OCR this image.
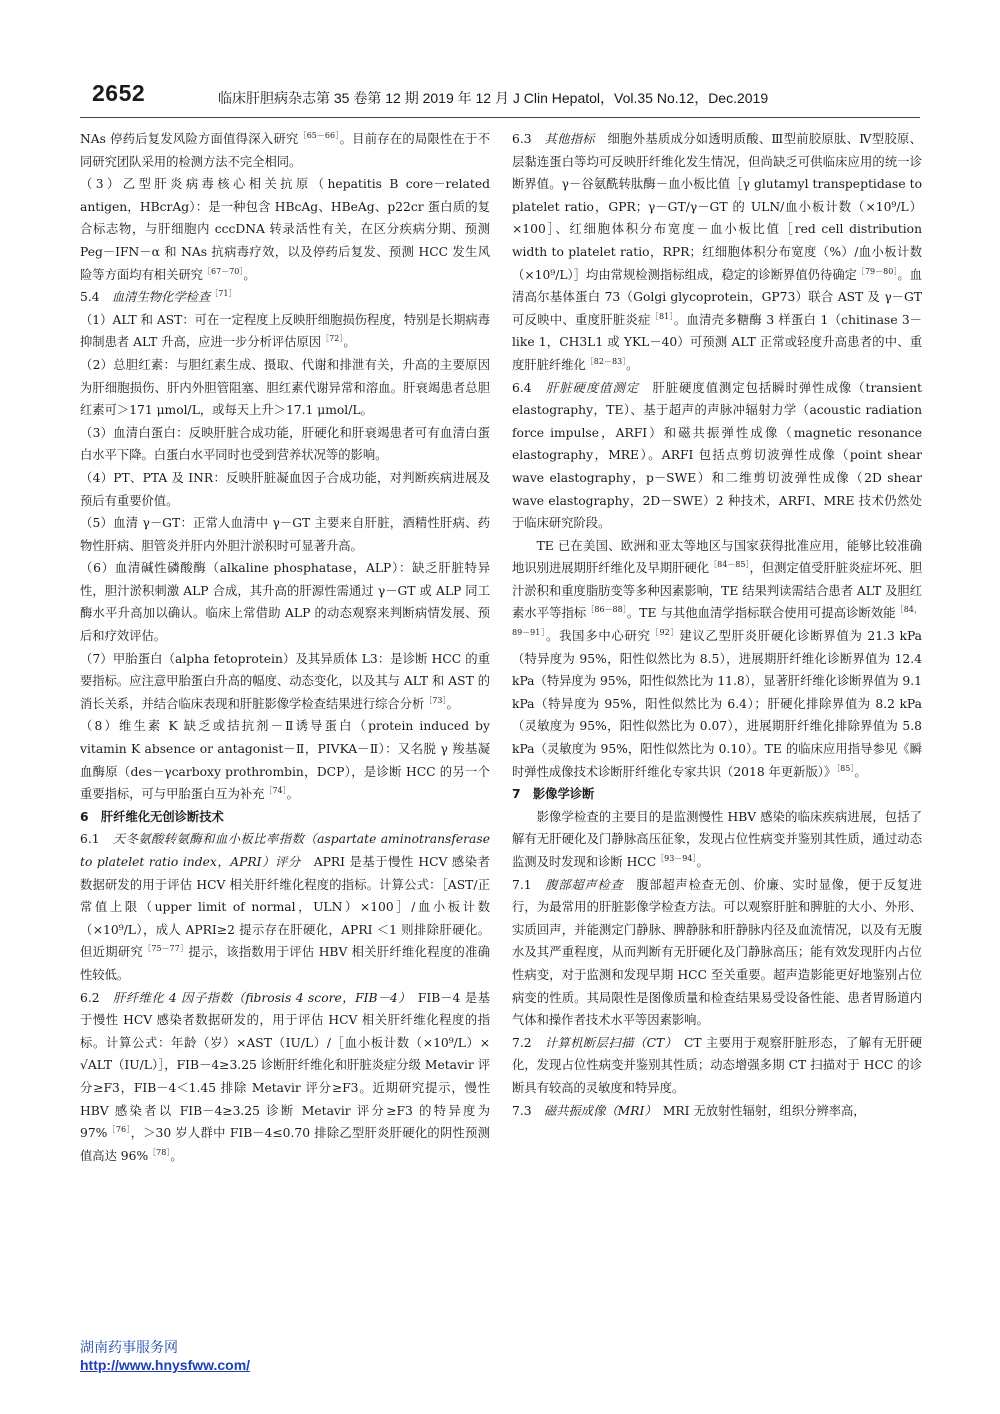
2652	临床肝胆病杂志第 35 卷第 12 期 2019 年 12 月 J Clin Hepatol，Vol.35 No.12，Dec.2019

NAs 停药后复发风险方面值得深入研究$^{[65-66]}$。目前存在的局限性在于不同研究团队采用的检测方法不完全相同。

（3）乙型肝炎病毒核心相关抗原（hepatitis B core－related antigen，HBcrAg）：是一种包含 HBcAg、HBeAg、p22cr 蛋白质的复合标志物，与肝细胞内 cccDNA 转录活性有关，在区分疾病分期、预测 Peg－IFN－α 和 NAs 抗病毒疗效，以及停药后复发、预测 HCC 发生风险等方面均有相关研究$^{[67-70]}$。

5.4　 血清生物化学检查$^{[71]}$

（1）ALT 和 AST：可在一定程度上反映肝细胞损伤程度，特别是长期病毒抑制患者 ALT 升高，应进一步分析评估原因$^{[72]}$。

（2）总胆红素：与胆红素生成、摄取、代谢和排泄有关，升高的主要原因为肝细胞损伤、肝内外胆管阻塞、胆红素代谢异常和溶血。肝衰竭患者总胆红素可＞171 μmol/L，或每天上升＞17.1 μmol/L。

（3）血清白蛋白：反映肝脏合成功能，肝硬化和肝衰竭患者可有血清白蛋白水平下降。白蛋白水平同时也受到营养状况等的影响。

（4）PT、PTA 及 INR：反映肝脏凝血因子合成功能，对判断疾病进展及预后有重要价值。

（5）血清 γ－GT：正常人血清中 γ－GT 主要来自肝脏，酒精性肝病、药物性肝病、胆管炎并肝内外胆汁淤积时可显著升高。

（6）血清碱性磷酸酶（alkaline phosphatase，ALP）：缺乏肝脏特异性，胆汁淤积刺激 ALP 合成，其升高的肝源性需通过 γ－GT 或 ALP 同工酶水平升高加以确认。临床上常借助 ALP 的动态观察来判断病情发展、预后和疗效评估。

（7）甲胎蛋白（alpha fetoprotein）及其异质体 L3：是诊断 HCC 的重要指标。应注意甲胎蛋白升高的幅度、动态变化，以及其与 ALT 和 AST 的消长关系，并结合临床表现和肝脏影像学检查结果进行综合分析$^{[73]}$。

（8）维生素 K 缺乏或拮抗剂－Ⅱ诱导蛋白（protein induced by vitamin K absence or antagonist－Ⅱ，PIVKA－Ⅱ）：又名脱 γ 羧基凝血酶原（des－γcarboxy prothrombin，DCP），是诊断 HCC 的另一个重要指标，可与甲胎蛋白互为补充$^{[74]}$。

6　肝纤维化无创诊断技术

6.1　 天冬氨酸转氨酶和血小板比率指数（aspartate aminotransferase to platelet ratio index，APRI）评分　 APRI 是基于慢性 HCV 感染者数据研发的用于评估 HCV 相关肝纤维化程度的指标。计算公式：［AST/正常值上限（upper limit of normal，ULN）×100］/血小板计数（×10⁹/L），成人 APRI≥2 提示存在肝硬化，APRI ＜1 则排除肝硬化。但近期研究$^{[75-77]}$提示，该指数用于评估 HBV 相关肝纤维化程度的准确性较低。

6.2　 肝纤维化 4 因子指数（fibrosis 4 score，FIB－4）　 FIB－4 是基于慢性 HCV 感染者数据研发的，用于评估 HCV 相关肝纤维化程度的指标。计算公式：年龄（岁）×AST（IU/L）/［血小板计数（×10⁹/L）× √ALT（IU/L）］，FIB－4≥3.25 诊断肝纤维化和肝脏炎症分级 Metavir 评分≥F3，FIB－4＜1.45 排除 Metavir 评分≥F3。近期研究提示，慢性 HBV 感染者以 FIB－4≥3.25 诊断 Metavir 评分≥F3 的特异度为 97%$^{[76]}$，＞30 岁人群中 FIB－4≤0.70 排除乙型肝炎肝硬化的阴性预测值高达 96%$^{[78]}$。

6.3　 其他指标　 细胞外基质成分如透明质酸、Ⅲ型前胶原肽、Ⅳ型胶原、层黏连蛋白等均可反映肝纤维化发生情况，但尚缺乏可供临床应用的统一诊断界值。γ－谷氨酰转肽酶－血小板比值［γ glutamyl transpeptidase to platelet ratio，GPR；γ－GT/γ－GT 的 ULN/血小板计数（×10⁹/L）×100］、红细胞体积分布宽度－血小板比值［red cell distribution width to platelet ratio，RPR；红细胞体积分布宽度（%）/血小板计数（×10⁹/L）］均由常规检测指标组成，稳定的诊断界值仍待确定$^{[79-80]}$。血清高尔基体蛋白 73（Golgi glycoprotein，GP73）联合 AST 及 γ－GT 可反映中、重度肝脏炎症$^{[81]}$。血清壳多糖酶 3 样蛋白 1（chitinase 3－like 1，CH3L1 或 YKL－40）可预测 ALT 正常或轻度升高患者的中、重度肝脏纤维化$^{[82-83]}$。

6.4　 肝脏硬度值测定　 肝脏硬度值测定包括瞬时弹性成像（transient elastography，TE）、基于超声的声脉冲辐射力学（acoustic radiation force impulse，ARFI）和磁共振弹性成像（magnetic resonance elastography，MRE）。ARFI 包括点剪切波弹性成像（point shear wave elastography，p－SWE）和二维剪切波弹性成像（2D shear wave elastography，2D－SWE）2 种技术，ARFI、MRE 技术仍然处于临床研究阶段。

TE 已在美国、欧洲和亚太等地区与国家获得批准应用，能够比较准确地识别进展期肝纤维化及早期肝硬化$^{[84-85]}$，但测定值受肝脏炎症坏死、胆汁淤积和重度脂肪变等多种因素影响，TE 结果判读需结合患者 ALT 及胆红素水平等指标$^{[86-88]}$。TE 与其他血清学指标联合使用可提高诊断效能$^{[84,89-91]}$。我国多中心研究$^{[92]}$建议乙型肝炎肝硬化诊断界值为 21.3 kPa（特异度为 95%，阳性似然比为 8.5），进展期肝纤维化诊断界值为 12.4 kPa（特异度为 95%，阳性似然比为 11.8），显著肝纤维化诊断界值为 9.1 kPa（特异度为 95%，阳性似然比为 6.4）；肝硬化排除界值为 8.2 kPa（灵敏度为 95%，阳性似然比为 0.07），进展期肝纤维化排除界值为 5.8 kPa（灵敏度为 95%，阳性似然比为 0.10）。TE 的临床应用指导参见《瞬时弹性成像技术诊断肝纤维化专家共识（2018 年更新版）》$^{[85]}$。

7　影像学诊断

影像学检查的主要目的是监测慢性 HBV 感染的临床疾病进展，包括了解有无肝硬化及门静脉高压征象，发现占位性病变并鉴别其性质，通过动态监测及时发现和诊断 $HCC^{[93-94]}$。

7.1　 腹部超声检查　 腹部超声检查无创、价廉、实时显像，便于反复进行，为最常用的肝脏影像学检查方法。可以观察肝脏和脾脏的大小、外形、实质回声，并能测定门静脉、脾静脉和肝静脉内径及血流情况，以及有无腹水及其严重程度，从而判断有无肝硬化及门静脉高压；能有效发现肝内占位性病变，对于监测和发现早期 HCC 至关重要。超声造影能更好地鉴别占位病变的性质。其局限性是图像质量和检查结果易受设备性能、患者胃肠道内气体和操作者技术水平等因素影响。

7.2　 计算机断层扫描（CT）　 CT 主要用于观察肝脏形态，了解有无肝硬化，发现占位性病变并鉴别其性质；动态增强多期 CT 扫描对于 HCC 的诊断具有较高的灵敏度和特异度。

7.3　 磁共振成像（MRI）　 MRI 无放射性辐射，组织分辨率高，

湖南药事服务网
http://www.hnysfww.com/
